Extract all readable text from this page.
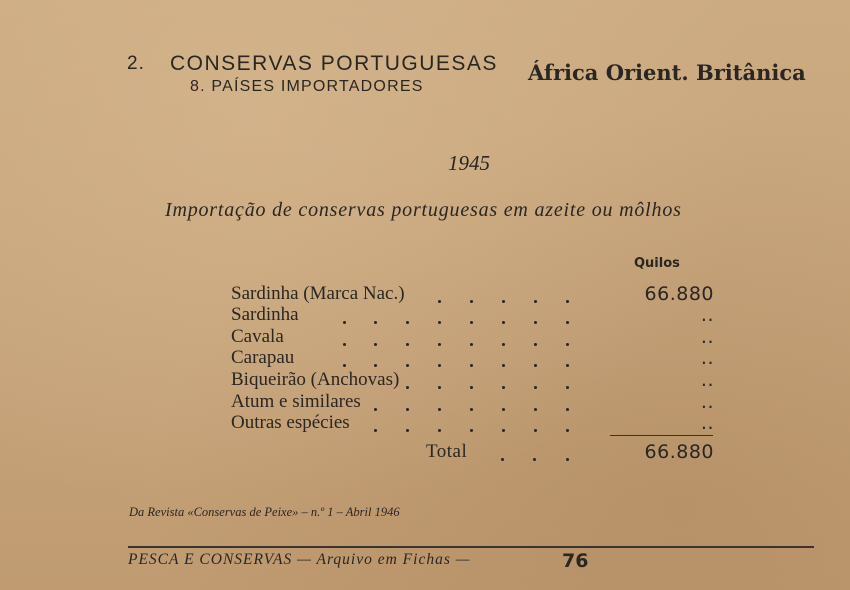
2. CONSERVAS PORTUGUESAS
8. PAÍSES IMPORTADORES
África Orient. Britânica
1945
Importação de conservas portuguesas em azeite ou môlhos
Quilos
Sardinha (Marca Nac.)	66.880
Sardinha	..
Cavala	..
Carapau	..
Biqueirão (Anchovas)	..
Atum e similares	..
Outras espécies	..
Total	66.880
Da Revista «Conservas de Peixe» – n.º 1 – Abril 1946
PESCA E CONSERVAS — Arquivo em Fichas —	76
